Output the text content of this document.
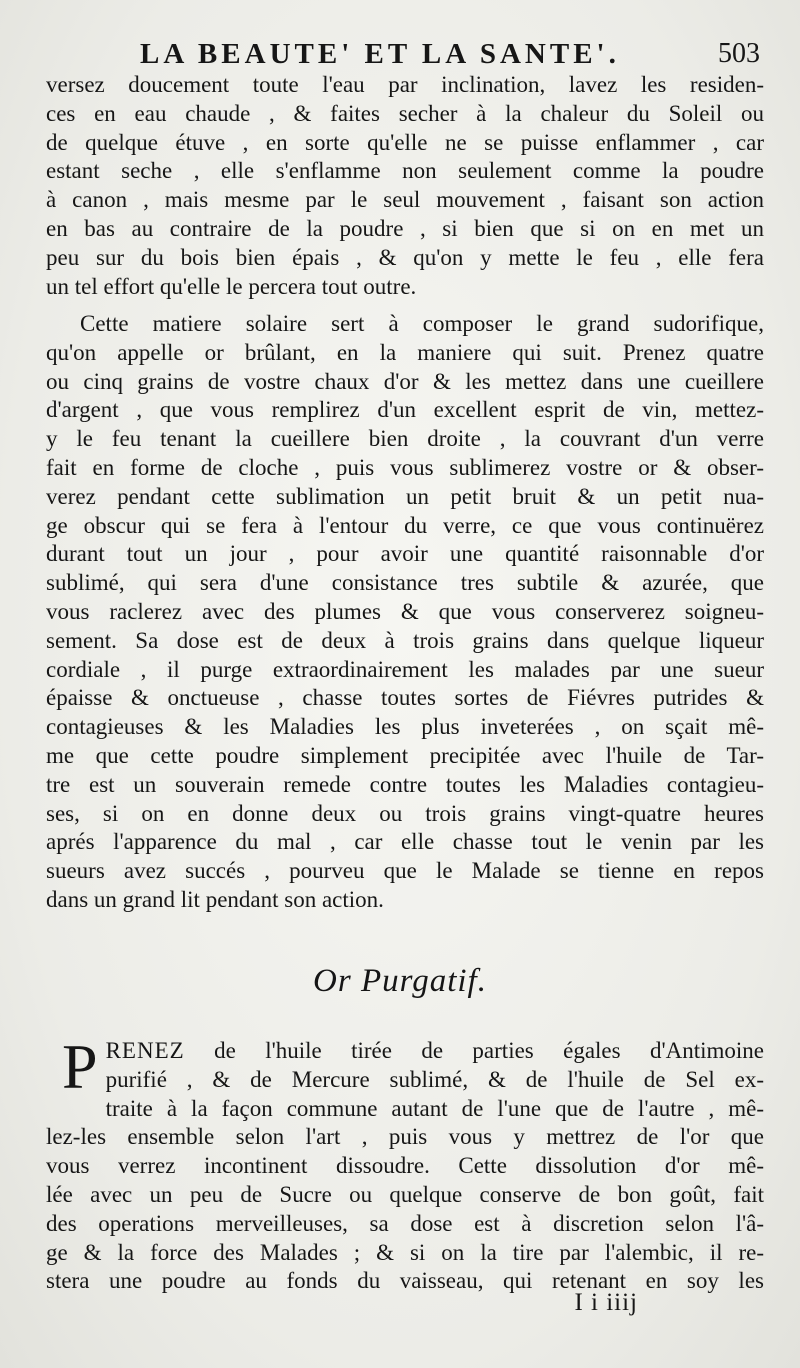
LA BEAUTE' ET LA SANTE'.	503
versez doucement toute l'eau par inclination, lavez les residen-
ces en eau chaude , & faites secher à la chaleur du Soleil ou
de quelque étuve , en sorte qu'elle ne se puisse enflammer , car
estant seche , elle s'enflamme non seulement comme la poudre
à canon , mais mesme par le seul mouvement , faisant son action
en bas au contraire de la poudre , si bien que si on en met un
peu sur du bois bien épais , & qu'on y mette le feu , elle fera
un tel effort qu'elle le percera tout outre.
Cette matiere solaire sert à composer le grand sudorifique,
qu'on appelle or brûlant, en la maniere qui suit. Prenez quatre
ou cinq grains de vostre chaux d'or & les mettez dans une cueillere
d'argent , que vous remplirez d'un excellent esprit de vin, mettez-
y le feu tenant la cueillere bien droite , la couvrant d'un verre
fait en forme de cloche , puis vous sublimerez vostre or & obser-
verez pendant cette sublimation un petit bruit & un petit nua-
ge obscur qui se fera à l'entour du verre, ce que vous continuërez
durant tout un jour , pour avoir une quantité raisonnable d'or
sublimé, qui sera d'une consistance tres subtile & azurée, que
vous raclerez avec des plumes & que vous conserverez soigneu-
sement. Sa dose est de deux à trois grains dans quelque liqueur
cordiale , il purge extraordinairement les malades par une sueur
épaisse & onctueuse , chasse toutes sortes de Fiévres putrides &
contagieuses & les Maladies les plus inveterées , on sçait mê-
me que cette poudre simplement precipitée avec l'huile de Tar-
tre est un souverain remede contre toutes les Maladies contagieu-
ses, si on en donne deux ou trois grains vingt-quatre heures
aprés l'apparence du mal , car elle chasse tout le venin par les
sueurs avez succés , pourveu que le Malade se tienne en repos
dans un grand lit pendant son action.
Or Purgatif.
P RENEZ de l'huile tirée de parties égales d'Antimoine
purifié , & de Mercure sublimé, & de l'huile de Sel ex-
traite à la façon commune autant de l'une que de l'autre , mê-
lez-les ensemble selon l'art , puis vous y mettrez de l'or que
vous verrez incontinent dissoudre. Cette dissolution d'or mê-
lée avec un peu de Sucre ou quelque conserve de bon goût, fait
des operations merveilleuses, sa dose est à discretion selon l'â-
ge & la force des Malades ; & si on la tire par l'alembic, il re-
stera une poudre au fonds du vaisseau, qui retenant en soy les
I i iiij
